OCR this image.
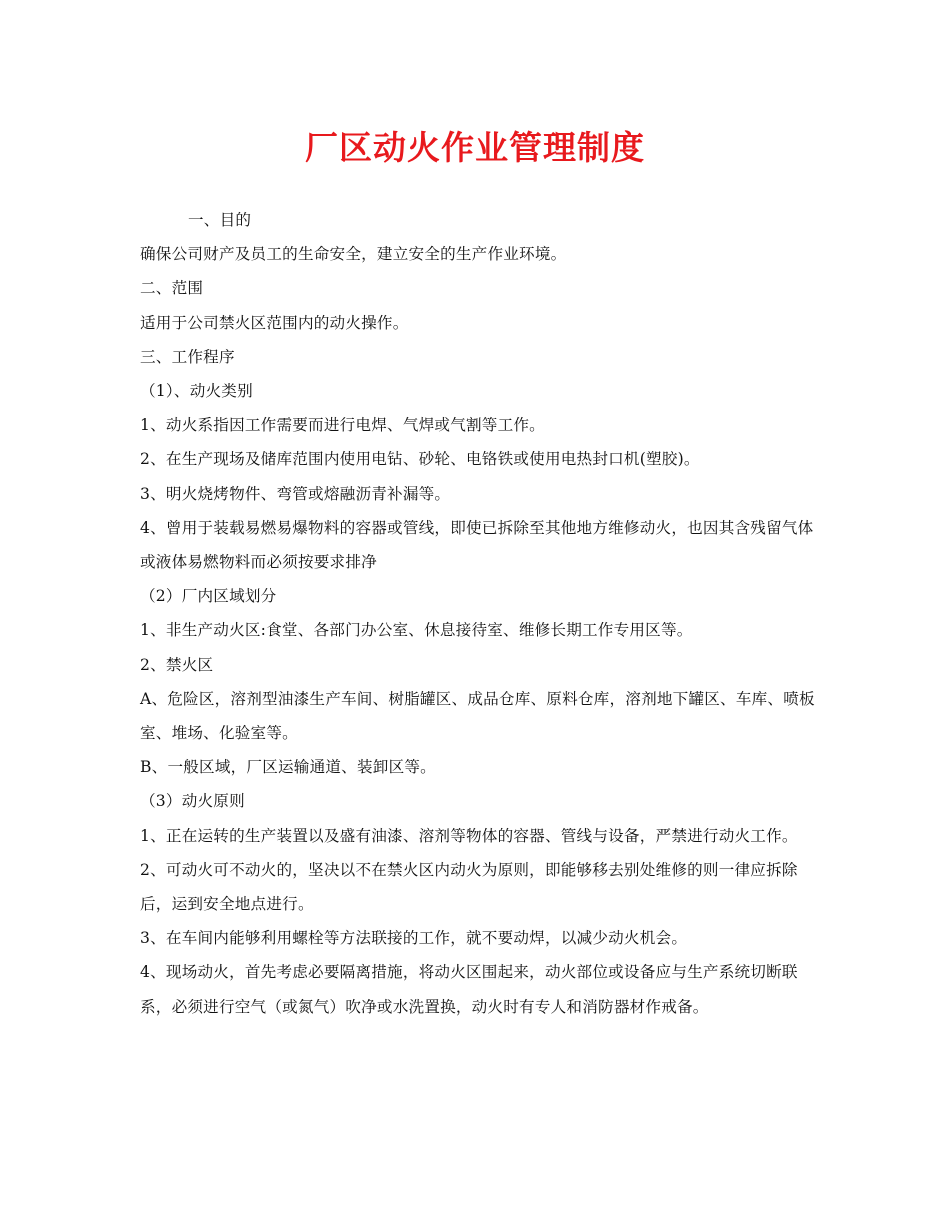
厂区动火作业管理制度

一、目的

确保公司财产及员工的生命安全，建立安全的生产作业环境。

二、范围

适用于公司禁火区范围内的动火操作。

三、工作程序

（1）、动火类别

1、动火系指因工作需要而进行电焊、气焊或气割等工作。

2、在生产现场及储库范围内使用电钻、砂轮、电铬铁或使用电热封口机(塑胶)。

3、明火烧烤物件、弯管或熔融沥青补漏等。

4、曾用于装载易燃易爆物料的容器或管线，即使已拆除至其他地方维修动火，也因其含残留气体或液体易燃物料而必须按要求排净

（2）厂内区域划分

1、非生产动火区:食堂、各部门办公室、休息接待室、维修长期工作专用区等。

2、禁火区

A、危险区，溶剂型油漆生产车间、树脂罐区、成品仓库、原料仓库，溶剂地下罐区、车库、喷板室、堆场、化验室等。

B、一般区域，厂区运输通道、装卸区等。

（3）动火原则

1、正在运转的生产装置以及盛有油漆、溶剂等物体的容器、管线与设备，严禁进行动火工作。

2、可动火可不动火的，坚决以不在禁火区内动火为原则，即能够移去别处维修的则一律应拆除后，运到安全地点进行。

3、在车间内能够利用螺栓等方法联接的工作，就不要动焊，以减少动火机会。

4、现场动火，首先考虑必要隔离措施，将动火区围起来，动火部位或设备应与生产系统切断联系，必须进行空气（或氮气）吹净或水洗置换，动火时有专人和消防器材作戒备。
